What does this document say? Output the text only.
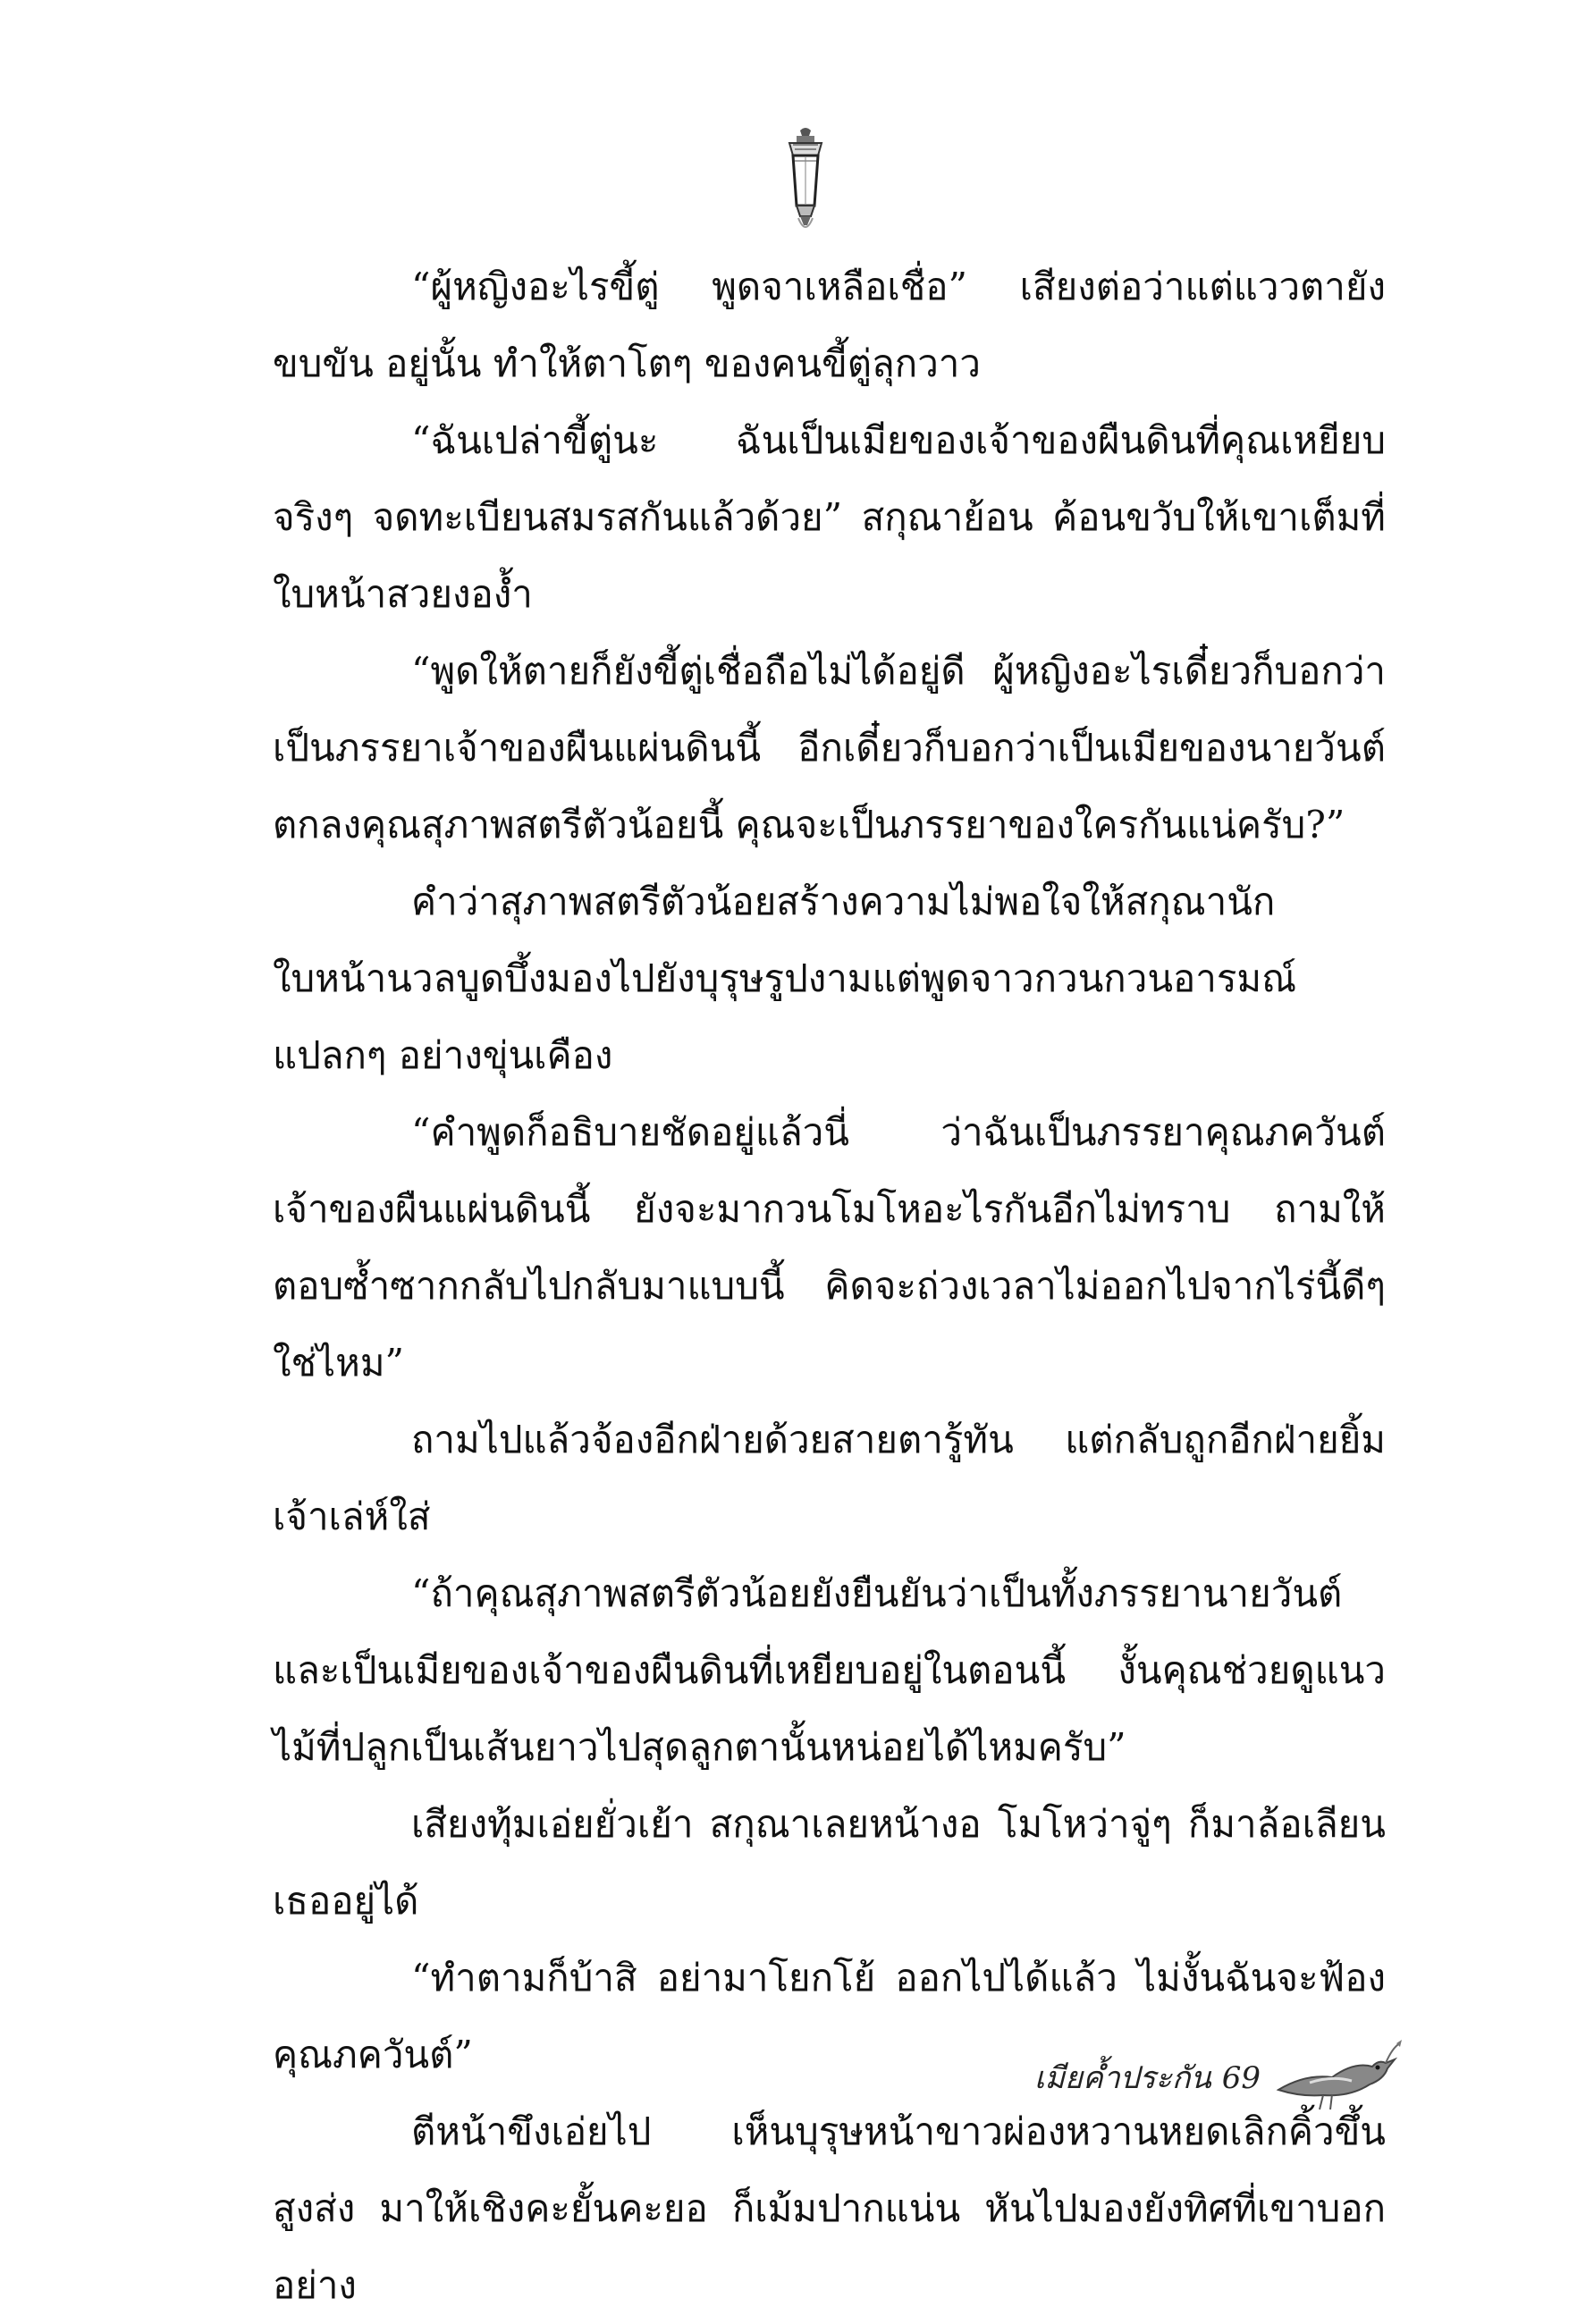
“ผู้หญิงอะไรขี้ตู่ พูดจาเหลือเชื่อ” เสียงต่อว่าแต่แววตายังขบขัน อยู่นั้น ทำให้ตาโตๆ ของคนขี้ตู่ลุกวาว

“ฉันเปล่าขี้ตู่นะ ฉันเป็นเมียของเจ้าของผืนดินที่คุณเหยียบ จริงๆ จดทะเบียนสมรสกันแล้วด้วย” สกุณาย้อน ค้อนขวับให้เขาเต็มที่ ใบหน้าสวยงองํ้า

“พูดให้ตายก็ยังขี้ตู่เชื่อถือไม่ได้อยู่ดี ผู้หญิงอะไรเดี๋ยวก็บอกว่า เป็นภรรยาเจ้าของผืนแผ่นดินนี้ อีกเดี๋ยวก็บอกว่าเป็นเมียของนายวันต์ ตกลงคุณสุภาพสตรีตัวน้อยนี้ คุณจะเป็นภรรยาของใครกันแน่ครับ?”

คำว่าสุภาพสตรีตัวน้อยสร้างความไม่พอใจให้สกุณานัก ใบหน้านวลบูดบึ้งมองไปยังบุรุษรูปงามแต่พูดจาวกวนกวนอารมณ์ แปลกๆ อย่างขุ่นเคือง

“คำพูดก็อธิบายชัดอยู่แล้วนี่ ว่าฉันเป็นภรรยาคุณภควันต์ เจ้าของผืนแผ่นดินนี้ ยังจะมากวนโมโหอะไรกันอีกไม่ทราบ ถามให้ ตอบซํ้าซากกลับไปกลับมาแบบนี้ คิดจะถ่วงเวลาไม่ออกไปจากไร่นี้ดีๆ ใช่ไหม”

ถามไปแล้วจ้องอีกฝ่ายด้วยสายตารู้ทัน แต่กลับถูกอีกฝ่ายยิ้ม เจ้าเล่ห์ใส่

“ถ้าคุณสุภาพสตรีตัวน้อยยังยืนยันว่าเป็นทั้งภรรยานายวันต์ และเป็นเมียของเจ้าของผืนดินที่เหยียบอยู่ในตอนนี้ งั้นคุณช่วยดูแนว ไม้ที่ปลูกเป็นเส้นยาวไปสุดลูกตานั้นหน่อยได้ไหมครับ”

เสียงทุ้มเอ่ยยั่วเย้า สกุณาเลยหน้างอ โมโหว่าจู่ๆ ก็มาล้อเลียน เธออยู่ได้

“ทำตามก็บ้าสิ อย่ามาโยกโย้ ออกไปได้แล้ว ไม่งั้นฉันจะฟ้อง คุณภควันต์”

ตีหน้าขึงเอ่ยไป เห็นบุรุษหน้าขาวผ่องหวานหยดเลิกคิ้วขึ้นสูงส่ง มาให้เชิงคะยั้นคะยอ ก็เม้มปากแน่น หันไปมองยังทิศที่เขาบอกอย่าง

เมียค้ำประกัน 69
